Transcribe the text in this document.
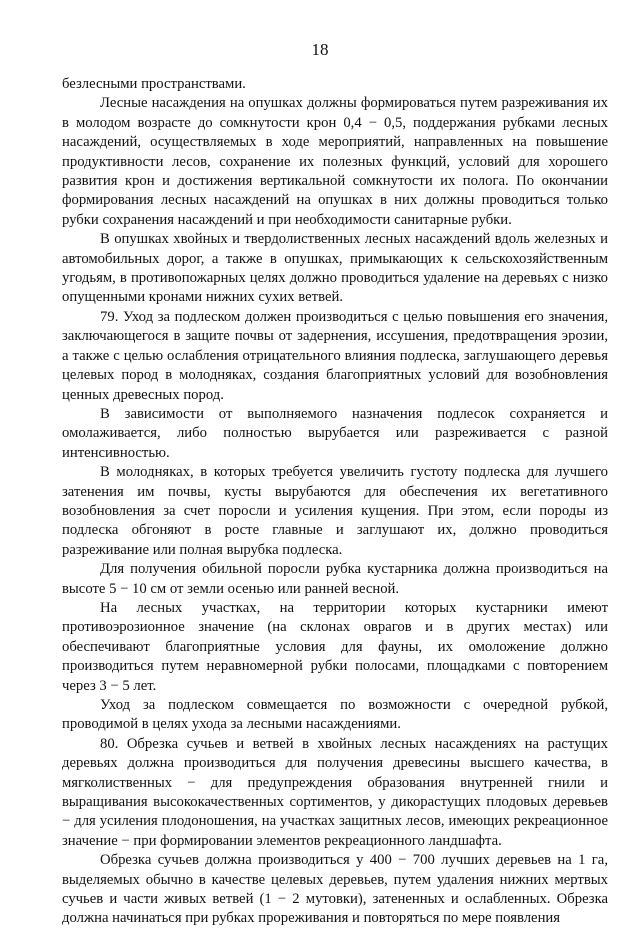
18

безлесными пространствами.

Лесные насаждения на опушках должны формироваться путем разреживания их в молодом возрасте до сомкнутости крон 0,4 − 0,5, поддержания рубками лесных насаждений, осуществляемых в ходе мероприятий, направленных на повышение продуктивности лесов, сохранение их полезных функций, условий для хорошего развития крон и достижения вертикальной сомкнутости их полога. По окончании формирования лесных насаждений на опушках в них должны проводиться только рубки сохранения насаждений и при необходимости санитарные рубки.

В опушках хвойных и твердолиственных лесных насаждений вдоль железных и автомобильных дорог, а также в опушках, примыкающих к сельскохозяйственным угодьям, в противопожарных целях должно проводиться удаление на деревьях с низко опущенными кронами нижних сухих ветвей.

79. Уход за подлеском должен производиться с целью повышения его значения, заключающегося в защите почвы от задернения, иссушения, предотвращения эрозии, а также с целью ослабления отрицательного влияния подлеска, заглушающего деревья целевых пород в молодняках, создания благоприятных условий для возобновления ценных древесных пород.

В зависимости от выполняемого назначения подлесок сохраняется и омолаживается, либо полностью вырубается или разреживается с разной интенсивностью.

В молодняках, в которых требуется увеличить густоту подлеска для лучшего затенения им почвы, кусты вырубаются для обеспечения их вегетативного возобновления за счет поросли и усиления кущения. При этом, если породы из подлеска обгоняют в росте главные и заглушают их, должно проводиться разреживание или полная вырубка подлеска.

Для получения обильной поросли рубка кустарника должна производиться на высоте 5 − 10 см от земли осенью или ранней весной.

На лесных участках, на территории которых кустарники имеют противоэрозионное значение (на склонах оврагов и в других местах) или обеспечивают благоприятные условия для фауны, их омоложение должно производиться путем неравномерной рубки полосами, площадками с повторением через 3 − 5 лет.

Уход за подлеском совмещается по возможности с очередной рубкой, проводимой в целях ухода за лесными насаждениями.

80. Обрезка сучьев и ветвей в хвойных лесных насаждениях на растущих деревьях должна производиться для получения древесины высшего качества, в мягколиственных − для предупреждения образования внутренней гнили и выращивания высококачественных сортиментов, у дикорастущих плодовых деревьев − для усиления плодоношения, на участках защитных лесов, имеющих рекреационное значение − при формировании элементов рекреационного ландшафта.

Обрезка сучьев должна производиться у 400 − 700 лучших деревьев на 1 га, выделяемых обычно в качестве целевых деревьев, путем удаления нижних мертвых сучьев и части живых ветвей (1 − 2 мутовки), затененных и ослабленных. Обрезка должна начинаться при рубках прореживания и повторяться по мере появления
